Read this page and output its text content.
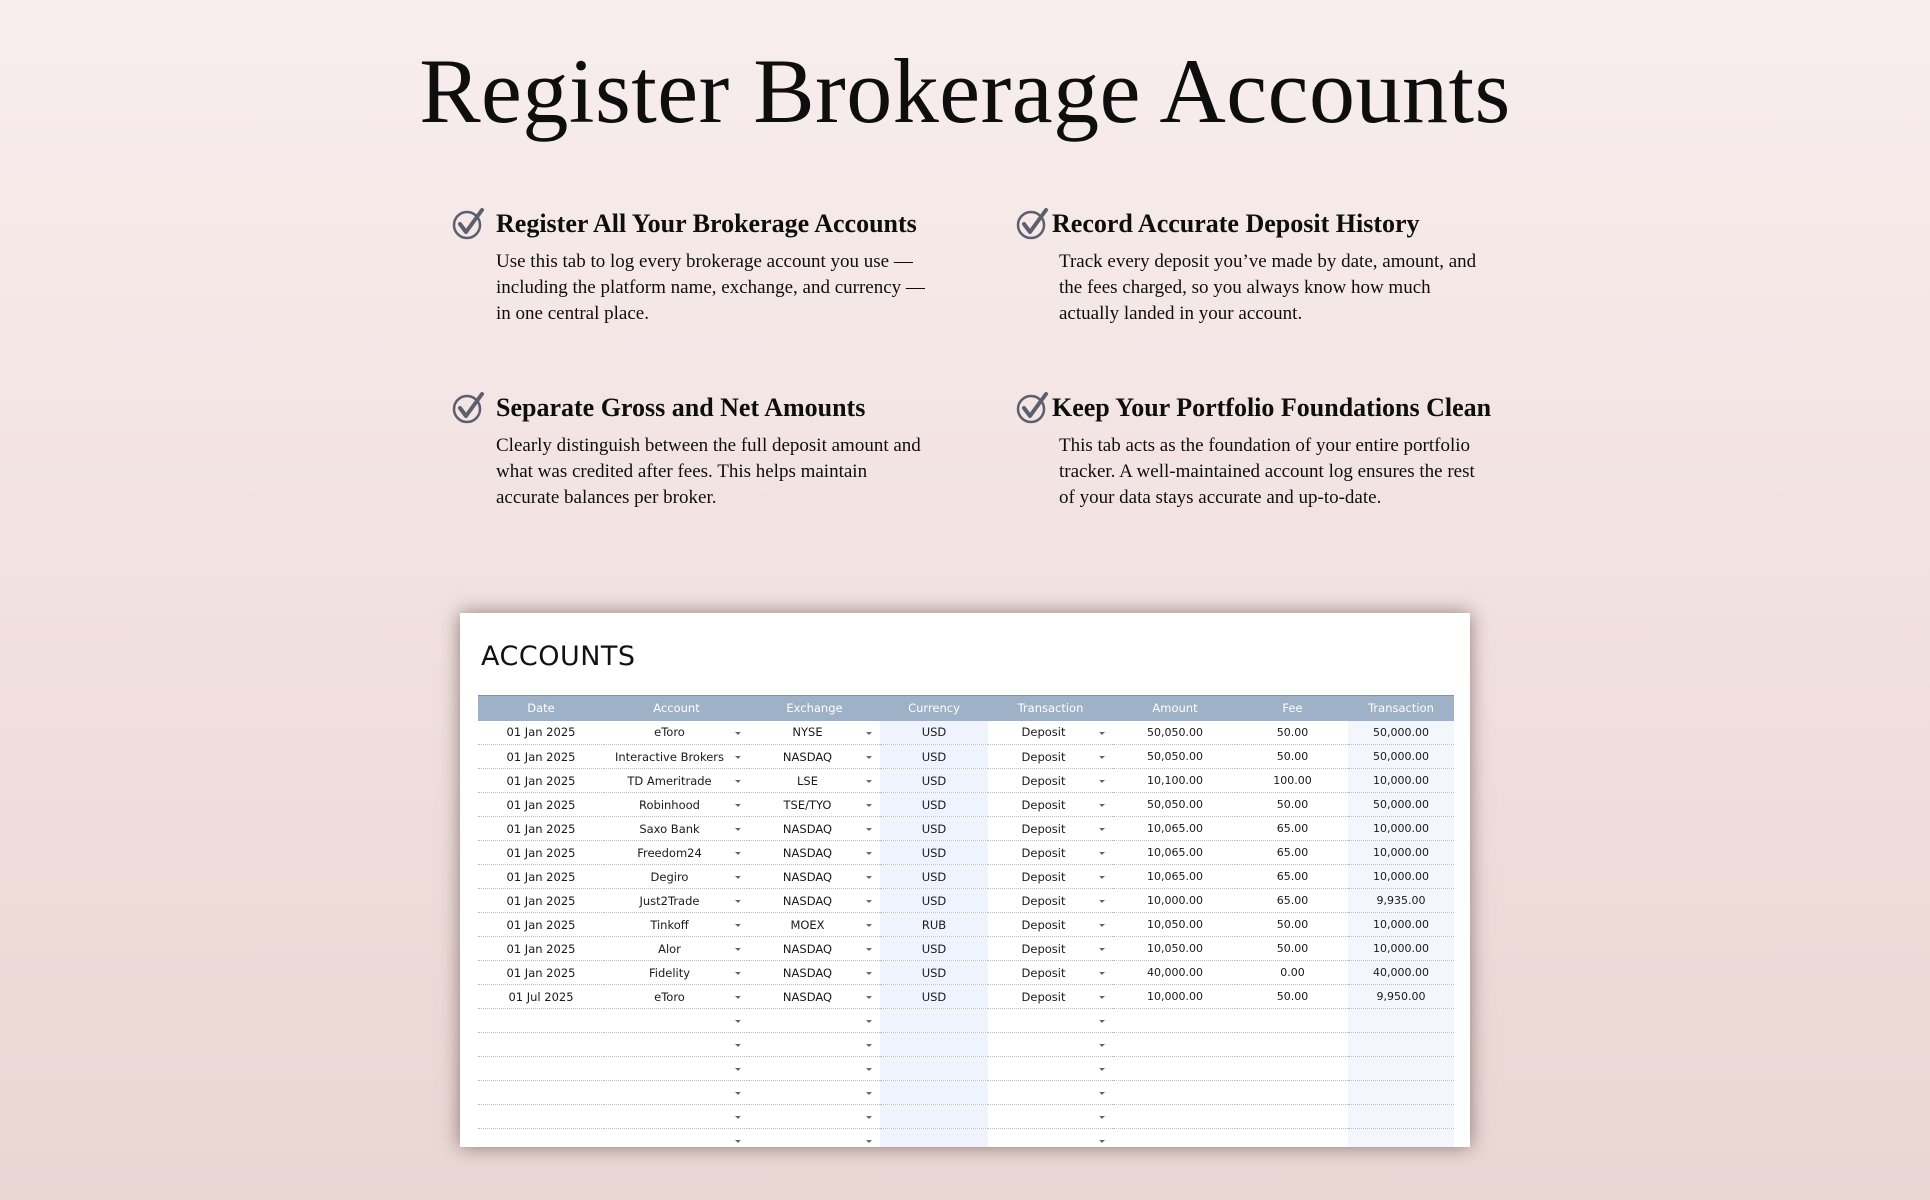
Register Brokerage Accounts
Register All Your Brokerage Accounts

Use this tab to log every brokerage account you use — including the platform name, exchange, and currency — in one central place.

Record Accurate Deposit History

Track every deposit you’ve made by date, amount, and the fees charged, so you always know how much actually landed in your account.

Separate Gross and Net Amounts

Clearly distinguish between the full deposit amount and what was credited after fees. This helps maintain accurate balances per broker.

Keep Your Portfolio Foundations Clean

This tab acts as the foundation of your entire portfolio tracker. A well-maintained account log ensures the rest of your data stays accurate and up-to-date.

ACCOUNTS
Date	Account	Exchange	Currency	Transaction	Amount	Fee	Transaction
01 Jan 2025	eToro	NYSE	USD	Deposit	50,050.00	50.00	50,000.00
01 Jan 2025	Interactive Brokers	NASDAQ	USD	Deposit	50,050.00	50.00	50,000.00
01 Jan 2025	TD Ameritrade	LSE	USD	Deposit	10,100.00	100.00	10,000.00
01 Jan 2025	Robinhood	TSE/TYO	USD	Deposit	50,050.00	50.00	50,000.00
01 Jan 2025	Saxo Bank	NASDAQ	USD	Deposit	10,065.00	65.00	10,000.00
01 Jan 2025	Freedom24	NASDAQ	USD	Deposit	10,065.00	65.00	10,000.00
01 Jan 2025	Degiro	NASDAQ	USD	Deposit	10,065.00	65.00	10,000.00
01 Jan 2025	Just2Trade	NASDAQ	USD	Deposit	10,000.00	65.00	9,935.00
01 Jan 2025	Tinkoff	MOEX	RUB	Deposit	10,050.00	50.00	10,000.00
01 Jan 2025	Alor	NASDAQ	USD	Deposit	10,050.00	50.00	10,000.00
01 Jan 2025	Fidelity	NASDAQ	USD	Deposit	40,000.00	0.00	40,000.00
01 Jul 2025	eToro	NASDAQ	USD	Deposit	10,000.00	50.00	9,950.00
